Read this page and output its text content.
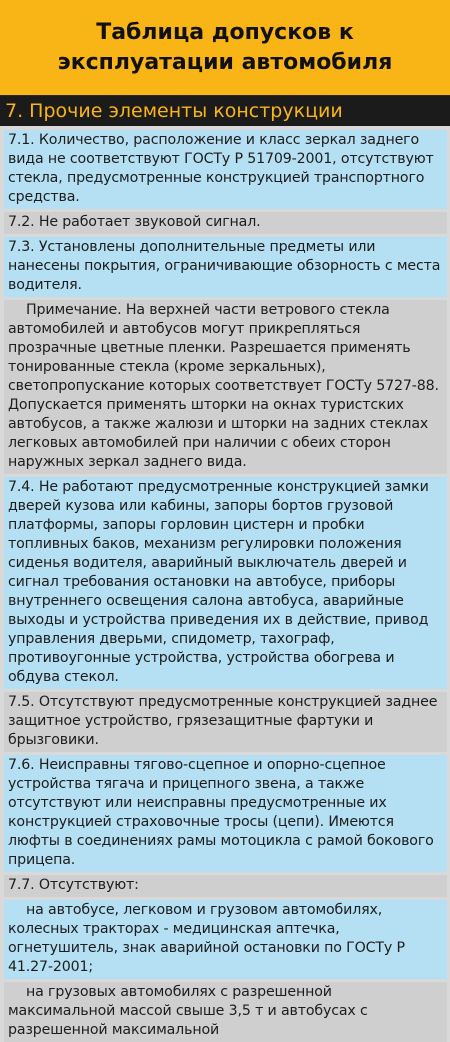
Таблица допусков к
эксплуатации автомобиля
7. Прочие элементы конструкции

7.1. Количество, расположение и класс зеркал заднего вида не соответствуют ГОСТу Р 51709-2001, отсутствуют стекла, предусмотренные конструкцией транспортного средства.

7.2. Не работает звуковой сигнал.

7.3. Установлены дополнительные предметы или нанесены покрытия, ограничивающие обзорность с места водителя.

Примечание. На верхней части ветрового стекла автомобилей и автобусов могут прикрепляться прозрачные цветные пленки. Разрешается применять тонированные стекла (кроме зеркальных), светопропускание которых соответствует ГОСТу 5727-88. Допускается применять шторки на окнах туристских автобусов, а также жалюзи и шторки на задних стеклах легковых автомобилей при наличии с обеих сторон наружных зеркал заднего вида.

7.4. Не работают предусмотренные конструкцией замки дверей кузова или кабины, запоры бортов грузовой платформы, запоры горловин цистерн и пробки топливных баков, механизм регулировки положения сиденья водителя, аварийный выключатель дверей и сигнал требования остановки на автобусе, приборы внутреннего освещения салона автобуса, аварийные выходы и устройства приведения их в действие, привод управления дверьми, спидометр, тахограф, противоугонные устройства, устройства обогрева и обдува стекол.

7.5. Отсутствуют предусмотренные конструкцией заднее защитное устройство, грязезащитные фартуки и брызговики.

7.6. Неисправны тягово-сцепное и опорно-сцепное устройства тягача и прицепного звена, а также отсутствуют или неисправны предусмотренные их конструкцией страховочные тросы (цепи). Имеются люфты в соединениях рамы мотоцикла с рамой бокового прицепа.

7.7. Отсутствуют:

на автобусе, легковом и грузовом автомобилях, колесных тракторах - медицинская аптечка, огнетушитель, знак аварийной остановки по ГОСТу Р 41.27-2001;

на грузовых автомобилях с разрешенной максимальной массой свыше 3,5 т и автобусах с разрешенной максимальной
